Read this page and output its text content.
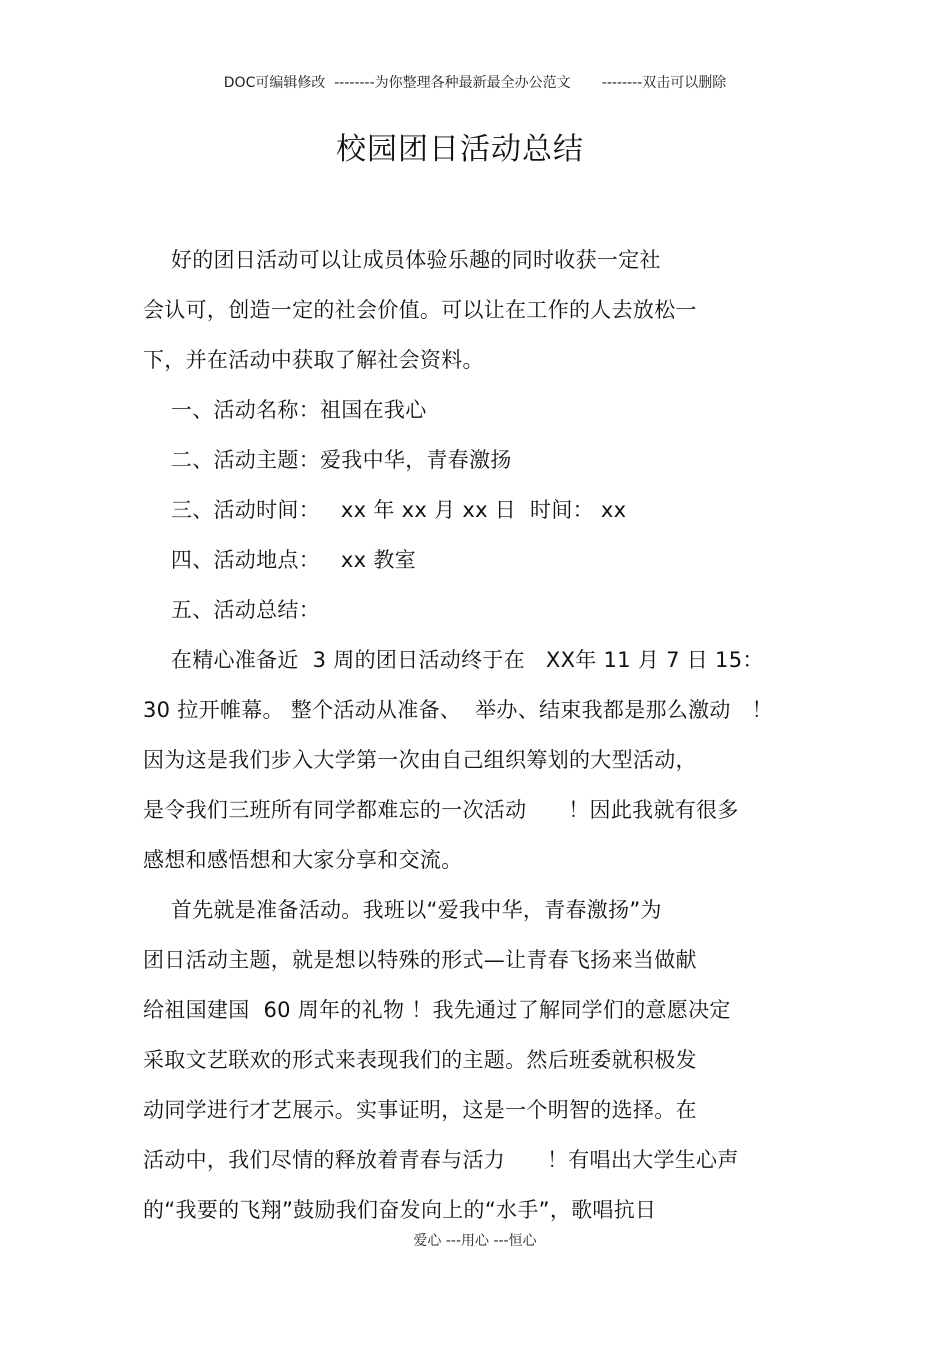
DOC可编辑修改  --------为你整理各种最新最全办公范文       --------双击可以删除
校园团日活动总结
好的团日活动可以让成员体验乐趣的同时收获一定社
会认可，创造一定的社会价值。可以让在工作的人去放松一
下，并在活动中获取了解社会资料。
一、活动名称：祖国在我心
二、活动主题：爱我中华，青春激扬
三、活动时间：   xx 年 xx 月 xx 日  时间： xx
四、活动地点：   xx 教室
五、活动总结：
在精心准备近  3 周的团日活动终于在   XX年 11 月 7 日 15：
30 拉开帷幕。 整个活动从准备、  举办、结束我都是那么激动   ！
因为这是我们步入大学第一次由自己组织筹划的大型活动，
是令我们三班所有同学都难忘的一次活动      ！因此我就有很多
感想和感悟想和大家分享和交流。
首先就是准备活动。我班以“爱我中华，青春激扬”为
团日活动主题，就是想以特殊的形式—让青春飞扬来当做献
给祖国建国  60 周年的礼物 ！我先通过了解同学们的意愿决定
采取文艺联欢的形式来表现我们的主题。然后班委就积极发
动同学进行才艺展示。实事证明，这是一个明智的选择。在
活动中，我们尽情的释放着青春与活力      ！有唱出大学生心声
的“我要的飞翔”鼓励我们奋发向上的“水手”，歌唱抗日
爱心 ---用心 ---恒心
